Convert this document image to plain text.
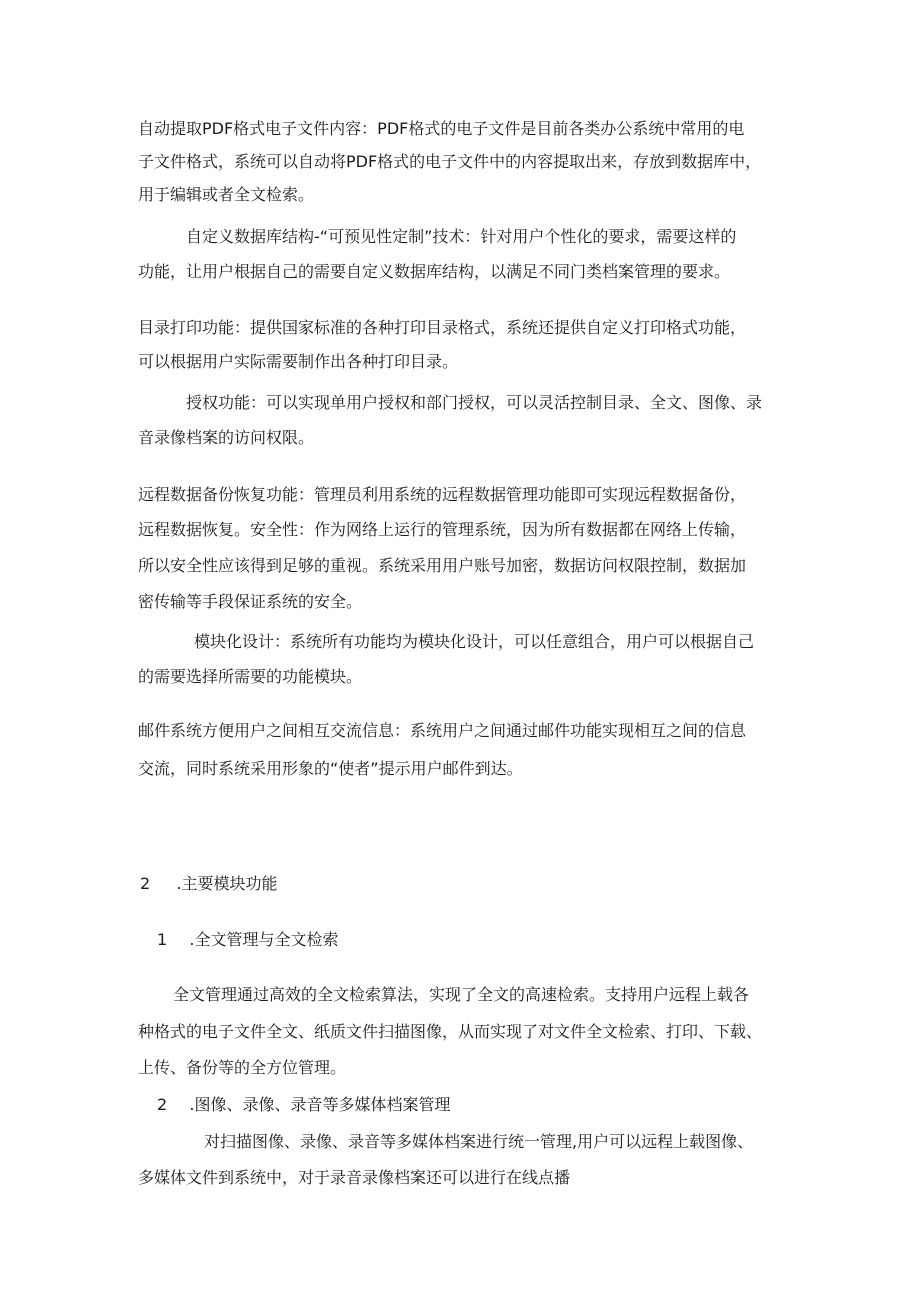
自动提取PDF格式电子文件内容：PDF格式的电子文件是目前各类办公系统中常用的电
子文件格式，系统可以自动将PDF格式的电子文件中的内容提取出来，存放到数据库中，
用于编辑或者全文检索。
自定义数据库结构-“可预见性定制”技术：针对用户个性化的要求，需要这样的
功能，让用户根据自己的需要自定义数据库结构，以满足不同门类档案管理的要求。
目录打印功能：提供国家标准的各种打印目录格式，系统还提供自定义打印格式功能，
可以根据用户实际需要制作出各种打印目录。
授权功能：可以实现单用户授权和部门授权，可以灵活控制目录、全文、图像、录
音录像档案的访问权限。
远程数据备份恢复功能：管理员利用系统的远程数据管理功能即可实现远程数据备份，
远程数据恢复。安全性：作为网络上运行的管理系统，因为所有数据都在网络上传输，
所以安全性应该得到足够的重视。系统采用用户账号加密，数据访问权限控制，数据加
密传输等手段保证系统的安全。
模块化设计：系统所有功能均为模块化设计，可以任意组合，用户可以根据自己
的需要选择所需要的功能模块。
邮件系统方便用户之间相互交流信息：系统用户之间通过邮件功能实现相互之间的信息
交流，同时系统采用形象的“使者”提示用户邮件到达。
2 .主要模块功能
1 .全文管理与全文检索
全文管理通过高效的全文检索算法，实现了全文的高速检索。支持用户远程上载各
种格式的电子文件全文、纸质文件扫描图像，从而实现了对文件全文检索、打印、下载、
上传、备份等的全方位管理。
2 .图像、录像、录音等多媒体档案管理
对扫描图像、录像、录音等多媒体档案进行统一管理,用户可以远程上载图像、
多媒体文件到系统中，对于录音录像档案还可以进行在线点播
